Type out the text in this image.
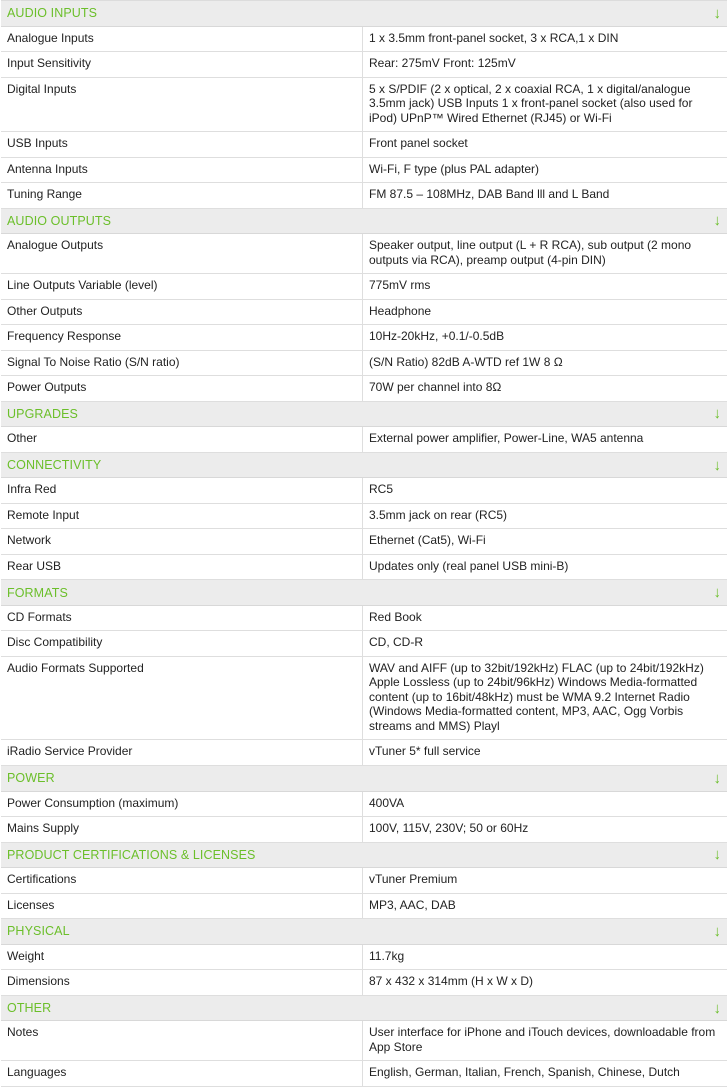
AUDIO INPUTS	↓
Analogue Inputs	1 x 3.5mm front-panel socket, 3 x RCA,1 x DIN
Input Sensitivity	Rear: 275mV Front: 125mV
Digital Inputs	5 x S/PDIF (2 x optical, 2 x coaxial RCA, 1 x digital/analogue 3.5mm jack) USB Inputs 1 x front-panel socket (also used for iPod) UPnP™ Wired Ethernet (RJ45) or Wi-Fi
USB Inputs	Front panel socket
Antenna Inputs	Wi-Fi, F type (plus PAL adapter)
Tuning Range	FM 87.5 – 108MHz, DAB Band lll and L Band
AUDIO OUTPUTS	↓
Analogue Outputs	Speaker output, line output (L + R RCA), sub output (2 mono outputs via RCA), preamp output (4-pin DIN)
Line Outputs Variable (level)	775mV rms
Other Outputs	Headphone
Frequency Response	10Hz-20kHz, +0.1/-0.5dB
Signal To Noise Ratio (S/N ratio)	(S/N Ratio) 82dB A-WTD ref 1W 8 Ω
Power Outputs	70W per channel into 8Ω
UPGRADES	↓
Other	External power amplifier, Power-Line, WA5 antenna
CONNECTIVITY	↓
Infra Red	RC5
Remote Input	3.5mm jack on rear (RC5)
Network	Ethernet (Cat5), Wi-Fi
Rear USB	Updates only (real panel USB mini-B)
FORMATS	↓
CD Formats	Red Book
Disc Compatibility	CD, CD-R
Audio Formats Supported	WAV and AIFF (up to 32bit/192kHz) FLAC (up to 24bit/192kHz) Apple Lossless (up to 24bit/96kHz) Windows Media-formatted content (up to 16bit/48kHz) must be WMA 9.2 Internet Radio (Windows Media-formatted content, MP3, AAC, Ogg Vorbis streams and MMS) Playl
iRadio Service Provider	vTuner 5* full service
POWER	↓
Power Consumption (maximum)	400VA
Mains Supply	100V, 115V, 230V; 50 or 60Hz
PRODUCT CERTIFICATIONS & LICENSES	↓
Certifications	vTuner Premium
Licenses	MP3, AAC, DAB
PHYSICAL	↓
Weight	11.7kg
Dimensions	87 x 432 x 314mm (H x W x D)
OTHER	↓
Notes	User interface for iPhone and iTouch devices, downloadable from App Store
Languages	English, German, Italian, French, Spanish, Chinese, Dutch
